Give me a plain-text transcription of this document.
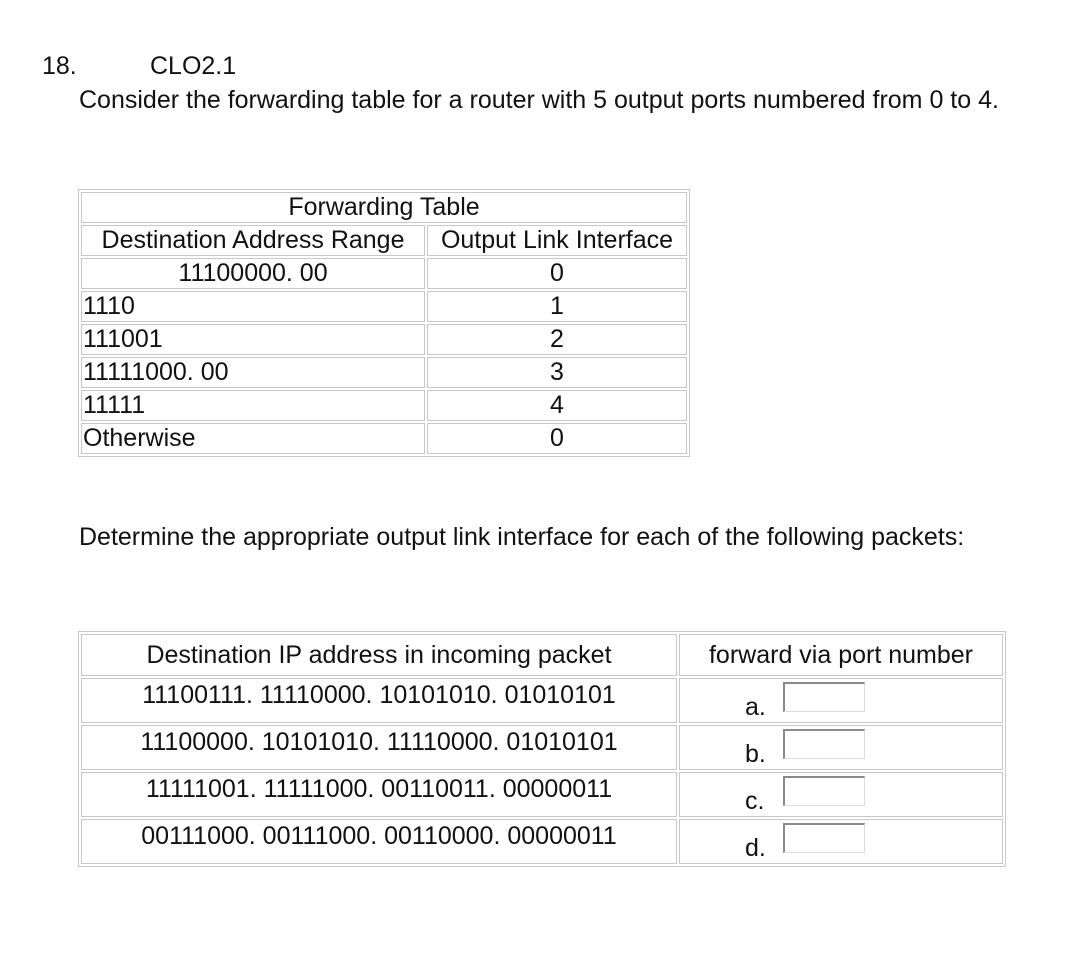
18.	CLO2.1
Consider the forwarding table for a router with 5 output ports numbered from 0 to 4.
Forwarding Table	
Destination Address Range	Output Link Interface
11100000. 00	0
1110	1
111001	2
11111000. 00	3
11111	4
Otherwise	0
Determine the appropriate output link interface for each of the following packets:
Destination IP address in incoming packet	forward via port number
11100111. 11110000. 10101010. 01010101	a.

11100000. 10101010. 11110000. 01010101	b.

11111001. 11111000. 00110011. 00000011	c.

00111000. 00111000. 00110000. 00000011	d.
